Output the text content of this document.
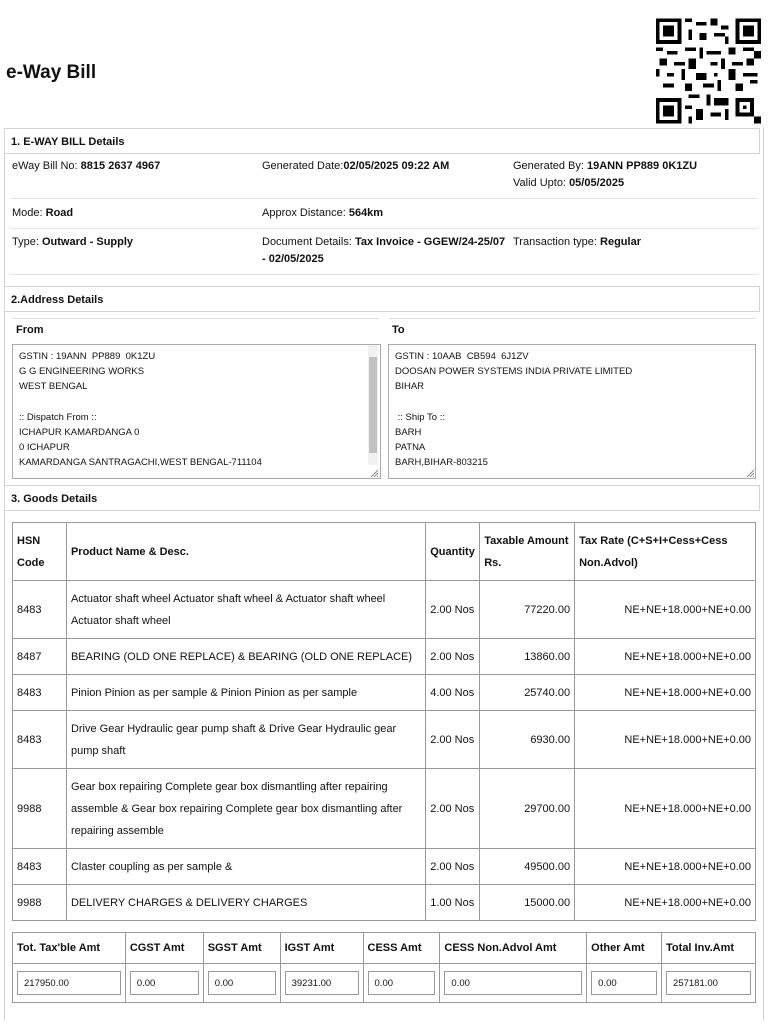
e-Way Bill
1. E-WAY BILL Details
eWay Bill No: 8815 2637 4967	Generated Date:02/05/2025 09:22 AM	Generated By: 19ANN PP889 0K1ZU
Valid Upto: 05/05/2025
Mode: Road	Approx Distance: 564km
Type: Outward - Supply	Document Details: Tax Invoice - GGEW/24-25/07
- 02/05/2025
Transaction type: Regular
2.Address Details
From	To
GSTIN : 19ANN  PP889  0K1ZU
G G ENGINEERING WORKS
WEST BENGAL

:: Dispatch From ::
ICHAPUR KAMARDANGA 0
0 ICHAPUR
KAMARDANGA SANTRAGACHI,WEST BENGAL-711104
GSTIN : 10AAB  CB594  6J1ZV
DOOSAN POWER SYSTEMS INDIA PRIVATE LIMITED
BIHAR

:: Ship To ::
BARH
PATNA
BARH,BIHAR-803215
3. Goods Details
HSN
Code	Product Name & Desc.	Quantity	Taxable Amount
Rs.	Tax Rate (C+S+I+Cess+Cess
Non.Advol)
8483	Actuator shaft wheel Actuator shaft wheel & Actuator shaft wheel Actuator shaft wheel	2.00 Nos	77220.00	NE+NE+18.000+NE+0.00
8487	BEARING (OLD ONE REPLACE) & BEARING (OLD ONE REPLACE)	2.00 Nos	13860.00	NE+NE+18.000+NE+0.00
8483	Pinion Pinion as per sample & Pinion Pinion as per sample	4.00 Nos	25740.00	NE+NE+18.000+NE+0.00
8483	Drive Gear Hydraulic gear pump shaft & Drive Gear Hydraulic gear pump shaft	2.00 Nos	6930.00	NE+NE+18.000+NE+0.00
9988	Gear box repairing Complete gear box dismantling after repairing assemble & Gear box repairing Complete gear box dismantling after repairing assemble	2.00 Nos	29700.00	NE+NE+18.000+NE+0.00
8483	Claster coupling as per sample &	2.00 Nos	49500.00	NE+NE+18.000+NE+0.00
9988	DELIVERY CHARGES & DELIVERY CHARGES	1.00 Nos	15000.00	NE+NE+18.000+NE+0.00
Tot. Tax'ble Amt	CGST Amt	SGST Amt	IGST Amt	CESS Amt	CESS Non.Advol Amt	Other Amt	Total Inv.Amt

217950.00	0.00	0.00	39231.00	0.00	0.00	0.00	257181.00
